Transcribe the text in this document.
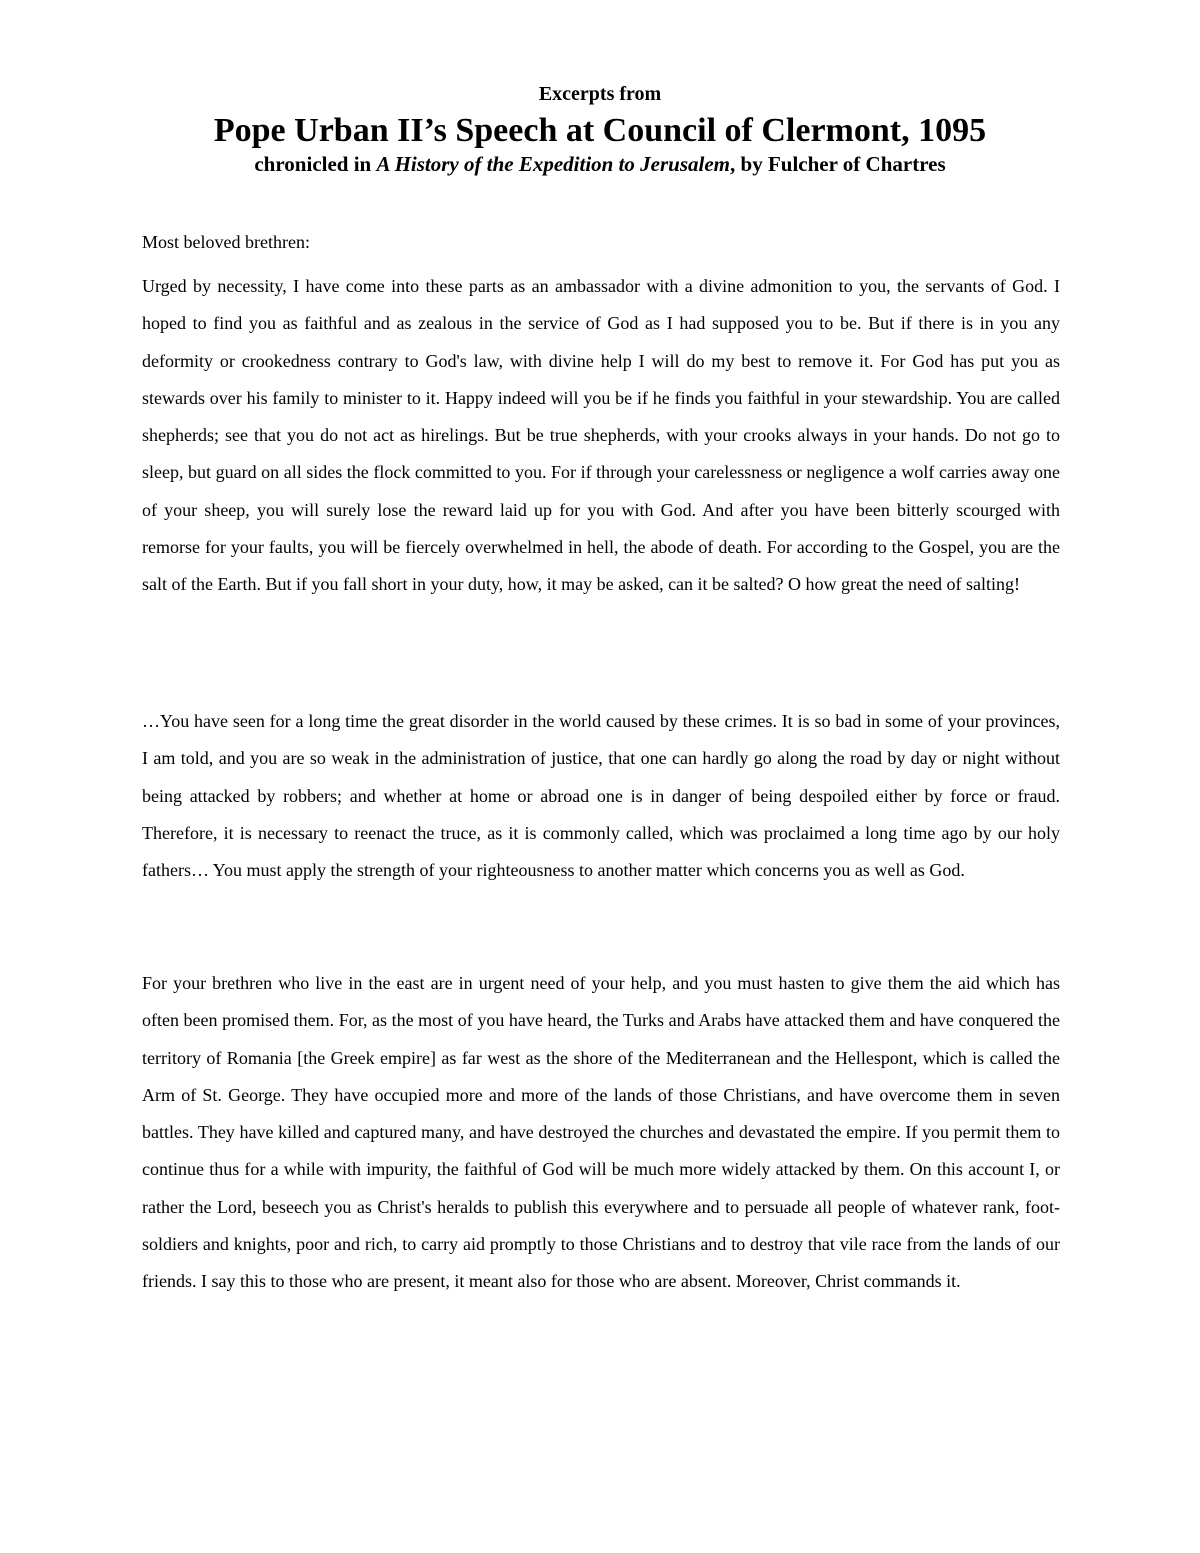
Excerpts from
Pope Urban II’s Speech at Council of Clermont, 1095
chronicled in A History of the Expedition to Jerusalem, by Fulcher of Chartres

Most beloved brethren:

Urged by necessity, I have come into these parts as an ambassador with a divine admonition to you, the servants of God. I hoped to find you as faithful and as zealous in the service of God as I had supposed you to be. But if there is in you any deformity or crookedness contrary to God's law, with divine help I will do my best to remove it. For God has put you as stewards over his family to minister to it. Happy indeed will you be if he finds you faithful in your stewardship. You are called shepherds; see that you do not act as hirelings. But be true shepherds, with your crooks always in your hands. Do not go to sleep, but guard on all sides the flock committed to you. For if through your carelessness or negligence a wolf carries away one of your sheep, you will surely lose the reward laid up for you with God. And after you have been bitterly scourged with remorse for your faults, you will be fiercely overwhelmed in hell, the abode of death. For according to the Gospel, you are the salt of the Earth. But if you fall short in your duty, how, it may be asked, can it be salted? O how great the need of salting!

…You have seen for a long time the great disorder in the world caused by these crimes. It is so bad in some of your provinces, I am told, and you are so weak in the administration of justice, that one can hardly go along the road by day or night without being attacked by robbers; and whether at home or abroad one is in danger of being despoiled either by force or fraud. Therefore, it is necessary to reenact the truce, as it is commonly called, which was proclaimed a long time ago by our holy fathers… You must apply the strength of your righteousness to another matter which concerns you as well as God.

For your brethren who live in the east are in urgent need of your help, and you must hasten to give them the aid which has often been promised them. For, as the most of you have heard, the Turks and Arabs have attacked them and have conquered the territory of Romania [the Greek empire] as far west as the shore of the Mediterranean and the Hellespont, which is called the Arm of St. George. They have occupied more and more of the lands of those Christians, and have overcome them in seven battles. They have killed and captured many, and have destroyed the churches and devastated the empire. If you permit them to continue thus for a while with impurity, the faithful of God will be much more widely attacked by them. On this account I, or rather the Lord, beseech you as Christ's heralds to publish this everywhere and to persuade all people of whatever rank, foot-soldiers and knights, poor and rich, to carry aid promptly to those Christians and to destroy that vile race from the lands of our friends. I say this to those who are present, it meant also for those who are absent. Moreover, Christ commands it.
